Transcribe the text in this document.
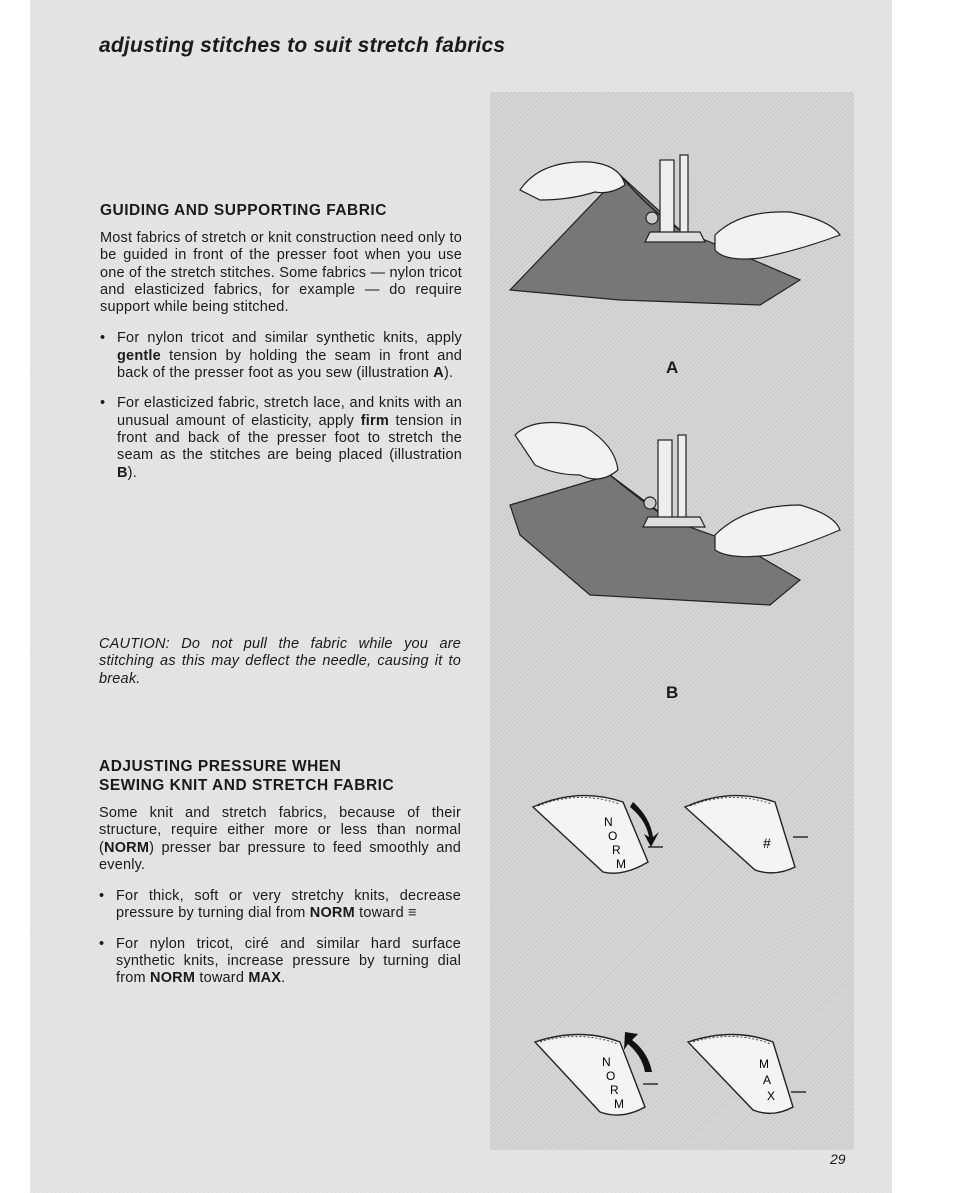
adjusting stitches to suit stretch fabrics
A
B
N
O
R
M
#
N
O
R
M
M
A
X
GUIDING AND SUPPORTING FABRIC

Most fabrics of stretch or knit construction need only to be guided in front of the presser foot when you use one of the stretch stitches. Some fabrics — nylon tricot and elasticized fabrics, for example — do require support while being stitched.

• For nylon tricot and similar synthetic knits, apply gentle tension by holding the seam in front and back of the presser foot as you sew (illustration A).
• For elasticized fabric, stretch lace, and knits with an unusual amount of elasticity, apply firm tension in front and back of the presser foot to stretch the seam as the stitches are being placed (illustration B).

CAUTION: Do not pull the fabric while you are stitching as this may deflect the needle, causing it to break.

ADJUSTING PRESSURE WHEN
SEWING KNIT AND STRETCH FABRIC

Some knit and stretch fabrics, because of their structure, require either more or less than normal (NORM) presser bar pressure to feed smoothly and evenly.

• For thick, soft or very stretchy knits, decrease pressure by turning dial from NORM toward ≡
• For nylon tricot, ciré and similar hard surface synthetic knits, increase pressure by turning dial from NORM toward MAX.
29
